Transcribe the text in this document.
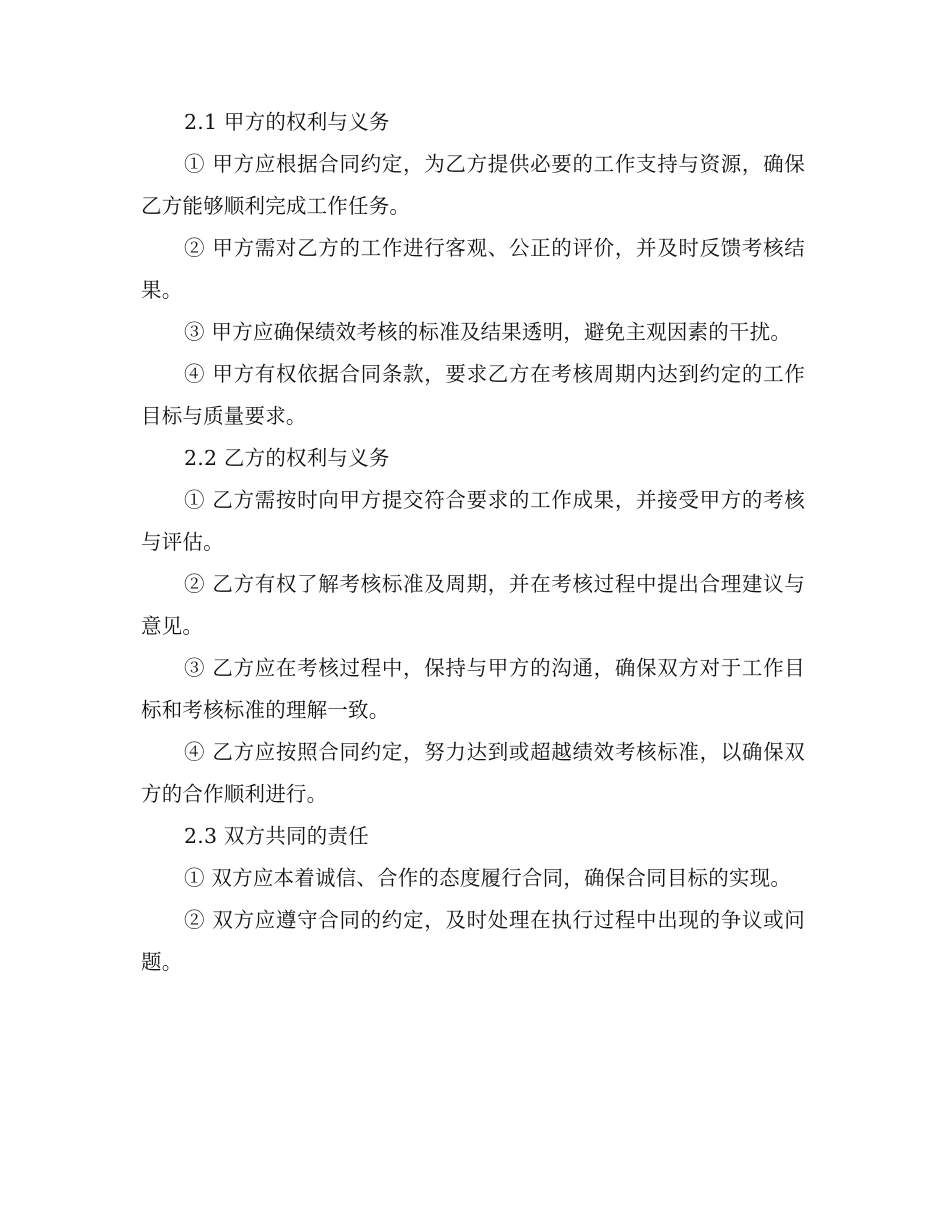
2.1 甲方的权利与义务

① 甲方应根据合同约定，为乙方提供必要的工作支持与资源，确保乙方能够顺利完成工作任务。

② 甲方需对乙方的工作进行客观、公正的评价，并及时反馈考核结果。

③ 甲方应确保绩效考核的标准及结果透明，避免主观因素的干扰。

④ 甲方有权依据合同条款，要求乙方在考核周期内达到约定的工作目标与质量要求。

2.2 乙方的权利与义务

① 乙方需按时向甲方提交符合要求的工作成果，并接受甲方的考核与评估。

② 乙方有权了解考核标准及周期，并在考核过程中提出合理建议与意见。

③ 乙方应在考核过程中，保持与甲方的沟通，确保双方对于工作目标和考核标准的理解一致。

④ 乙方应按照合同约定，努力达到或超越绩效考核标准，以确保双方的合作顺利进行。

2.3 双方共同的责任

① 双方应本着诚信、合作的态度履行合同，确保合同目标的实现。

② 双方应遵守合同的约定，及时处理在执行过程中出现的争议或问题。
